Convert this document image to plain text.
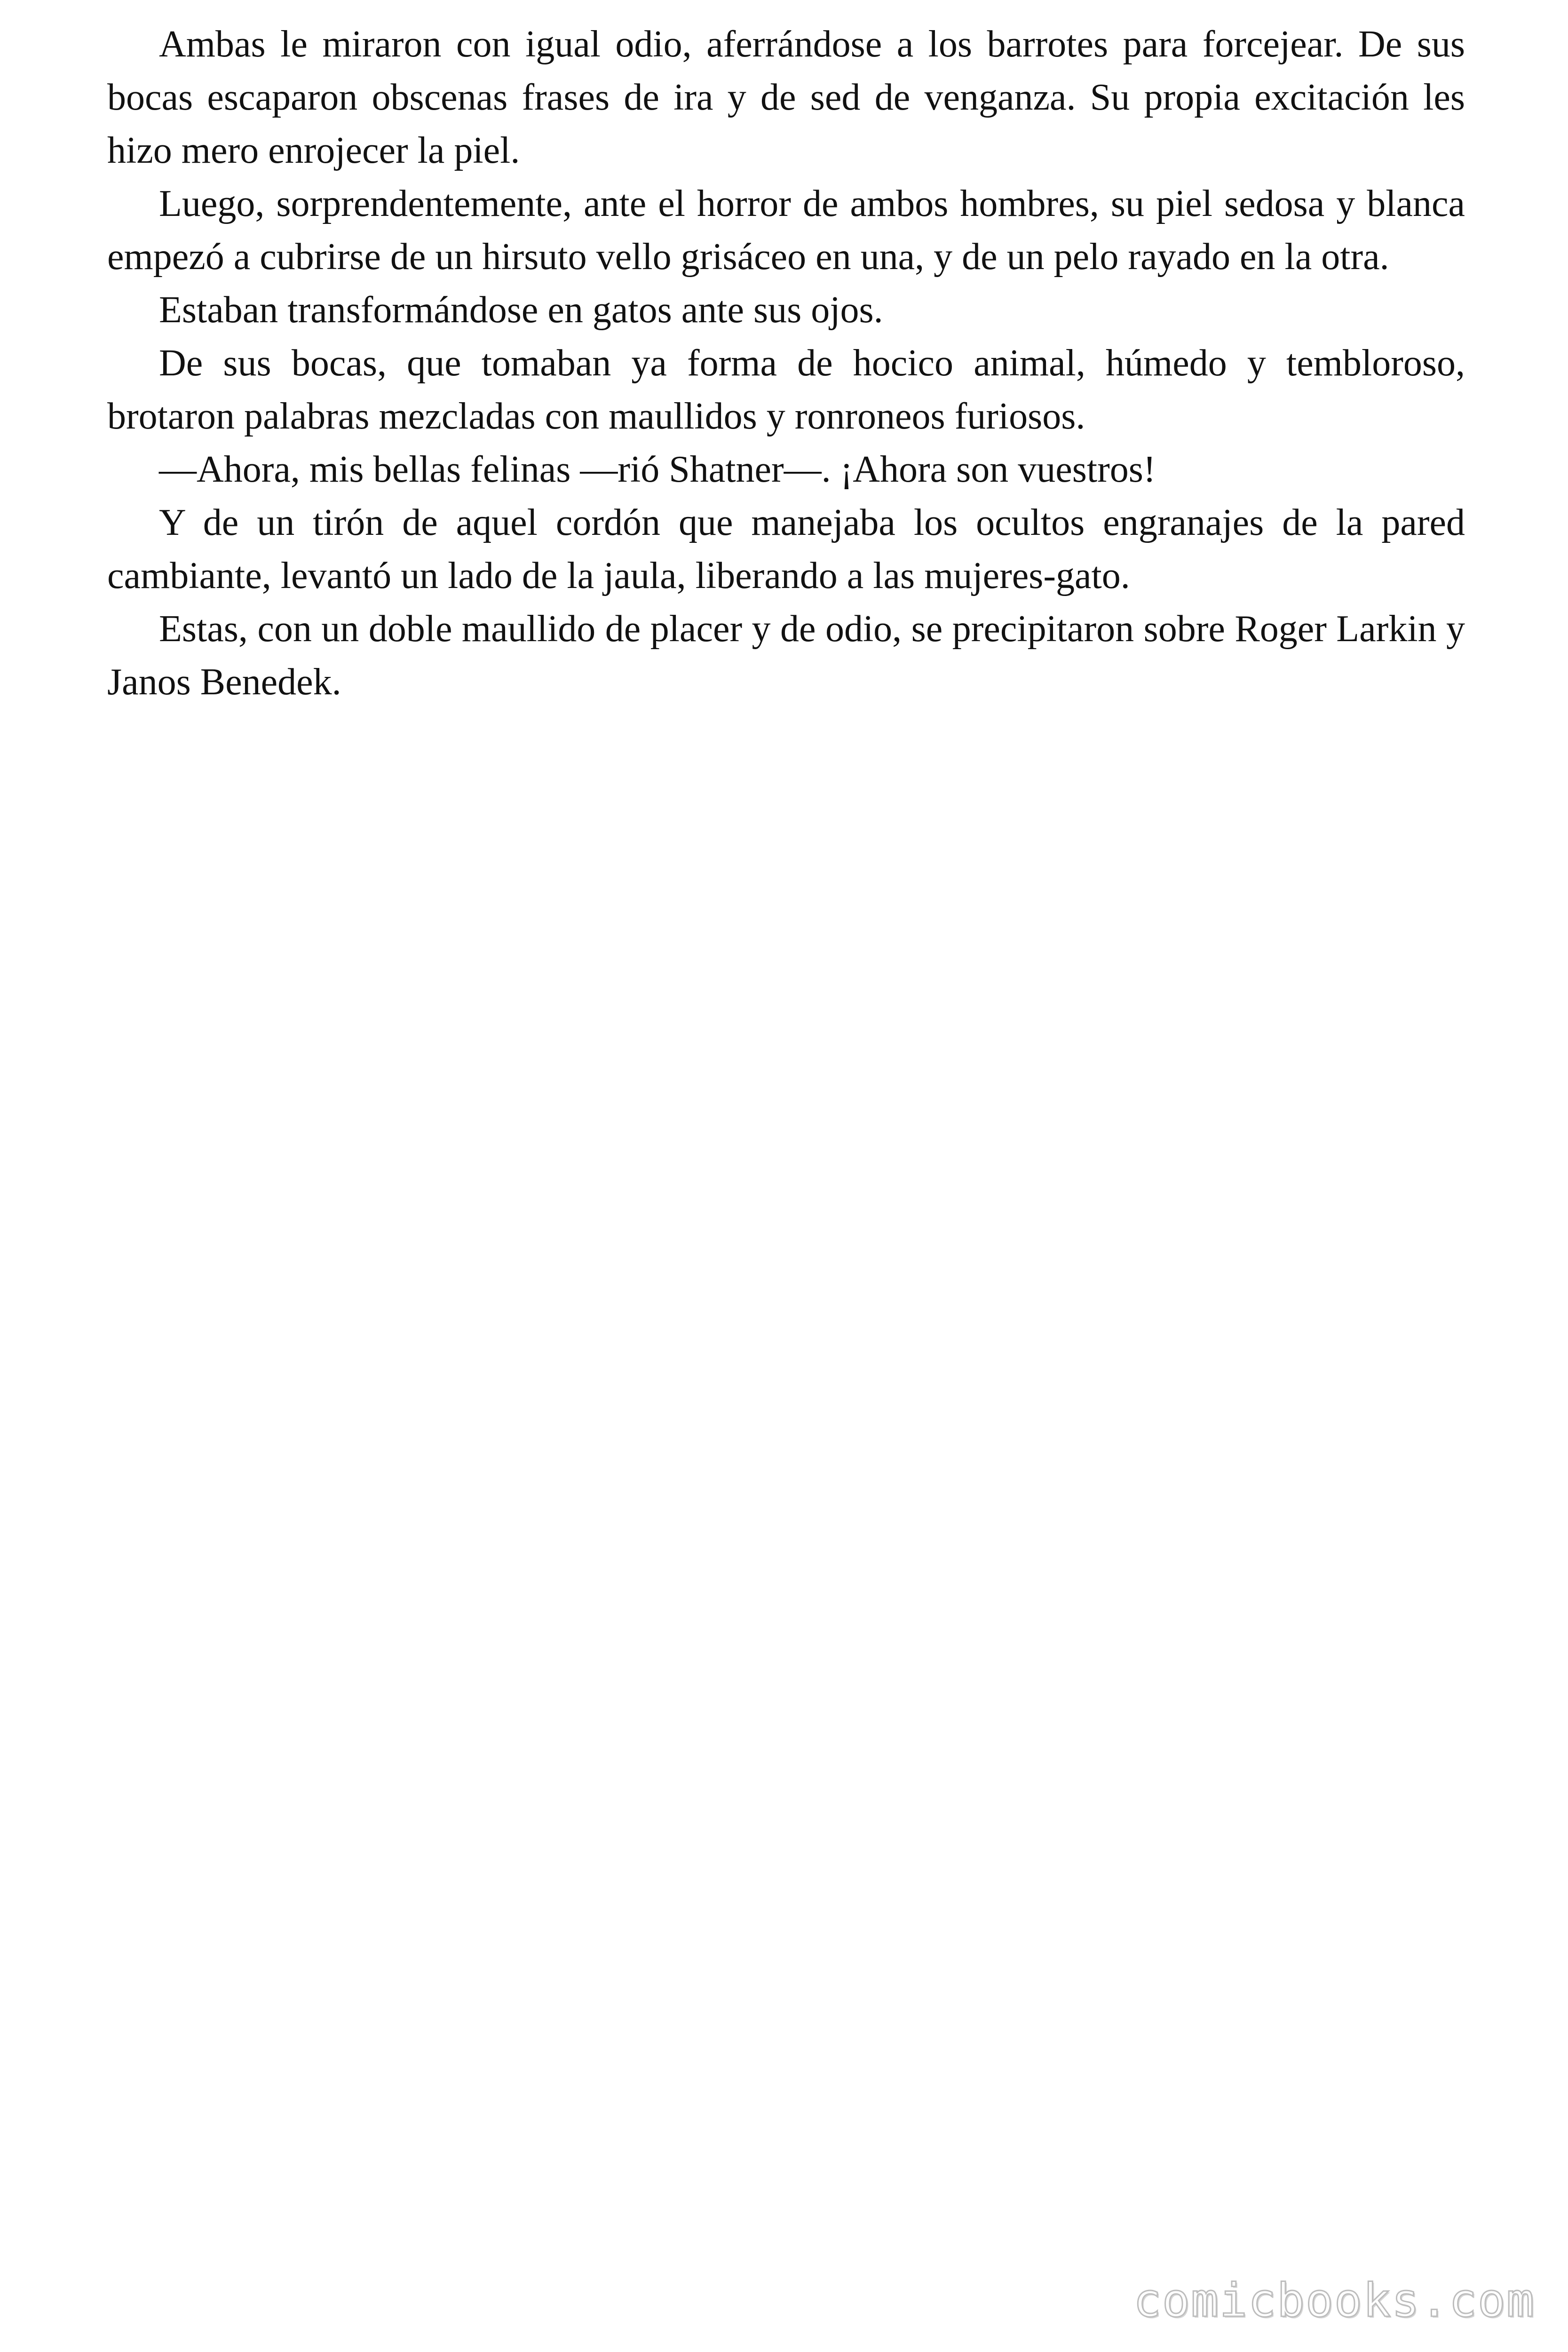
Ambas le miraron con igual odio, aferrándose a los barrotes para forcejear. De sus bocas escaparon obscenas frases de ira y de sed de venganza. Su propia excitación les hizo mero enrojecer la piel.

Luego, sorprendentemente, ante el horror de ambos hombres, su piel sedosa y blanca empezó a cubrirse de un hirsuto vello grisáceo en una, y de un pelo rayado en la otra.

Estaban transformándose en gatos ante sus ojos.

De sus bocas, que tomaban ya forma de hocico animal, húmedo y tembloroso, brotaron palabras mezcladas con maullidos y ronroneos furiosos.

—Ahora, mis bellas felinas —rió Shatner—. ¡Ahora son vuestros!

Y de un tirón de aquel cordón que manejaba los ocultos engranajes de la pared cambiante, levantó un lado de la jaula, liberando a las mujeres-gato.

Estas, con un doble maullido de placer y de odio, se precipitaron sobre Roger Larkin y Janos Benedek.

comicbooks.com
